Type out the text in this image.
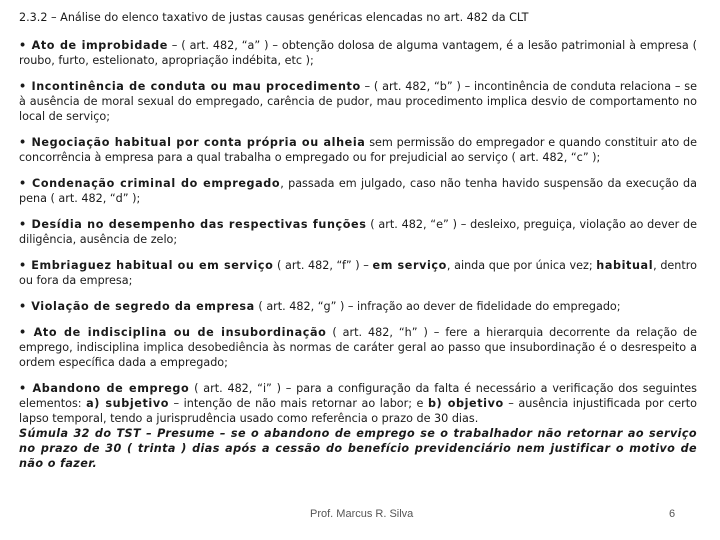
2.3.2 – Análise do elenco taxativo de justas causas genéricas elencadas no art. 482 da CLT

• Ato de improbidade – ( art. 482, “a” ) – obtenção dolosa de alguma vantagem, é a lesão patrimonial à empresa ( roubo, furto, estelionato, apropriação indébita, etc );

• Incontinência de conduta ou mau procedimento – ( art. 482, “b” ) – incontinência de conduta relaciona – se à ausência de moral sexual do empregado, carência de pudor, mau procedimento implica desvio de comportamento no local de serviço;

• Negociação habitual por conta própria ou alheia sem permissão do empregador e quando constituir ato de concorrência à empresa para a qual trabalha o empregado ou for prejudicial ao serviço ( art. 482, “c” );

• Condenação criminal do empregado, passada em julgado, caso não tenha havido suspensão da execução da pena ( art. 482, “d” );

• Desídia no desempenho das respectivas funções ( art. 482, “e” ) – desleixo, preguiça, violação ao dever de diligência, ausência de zelo;

• Embriaguez habitual ou em serviço ( art. 482, “f” ) – em serviço, ainda que por única vez; habitual, dentro ou fora da empresa;

• Violação de segredo da empresa ( art. 482, “g” ) – infração ao dever de fidelidade do empregado;

• Ato de indisciplina ou de insubordinação ( art. 482, “h” ) – fere a hierarquia decorrente da relação de emprego, indisciplina implica desobediência às normas de caráter geral ao passo que insubordinação é o desrespeito a ordem específica dada a empregado;

• Abandono de emprego ( art. 482, “i” ) – para a configuração da falta é necessário a verificação dos seguintes elementos: a) subjetivo – intenção de não mais retornar ao labor; e b) objetivo – ausência injustificada por certo lapso temporal, tendo a jurisprudência usado como referência o prazo de 30 dias.
Súmula 32 do TST – Presume – se o abandono de emprego se o trabalhador não retornar ao serviço no prazo de 30 ( trinta ) dias após a cessão do benefício previdenciário nem justificar o motivo de não o fazer.

Prof. Marcus R. Silva	6
